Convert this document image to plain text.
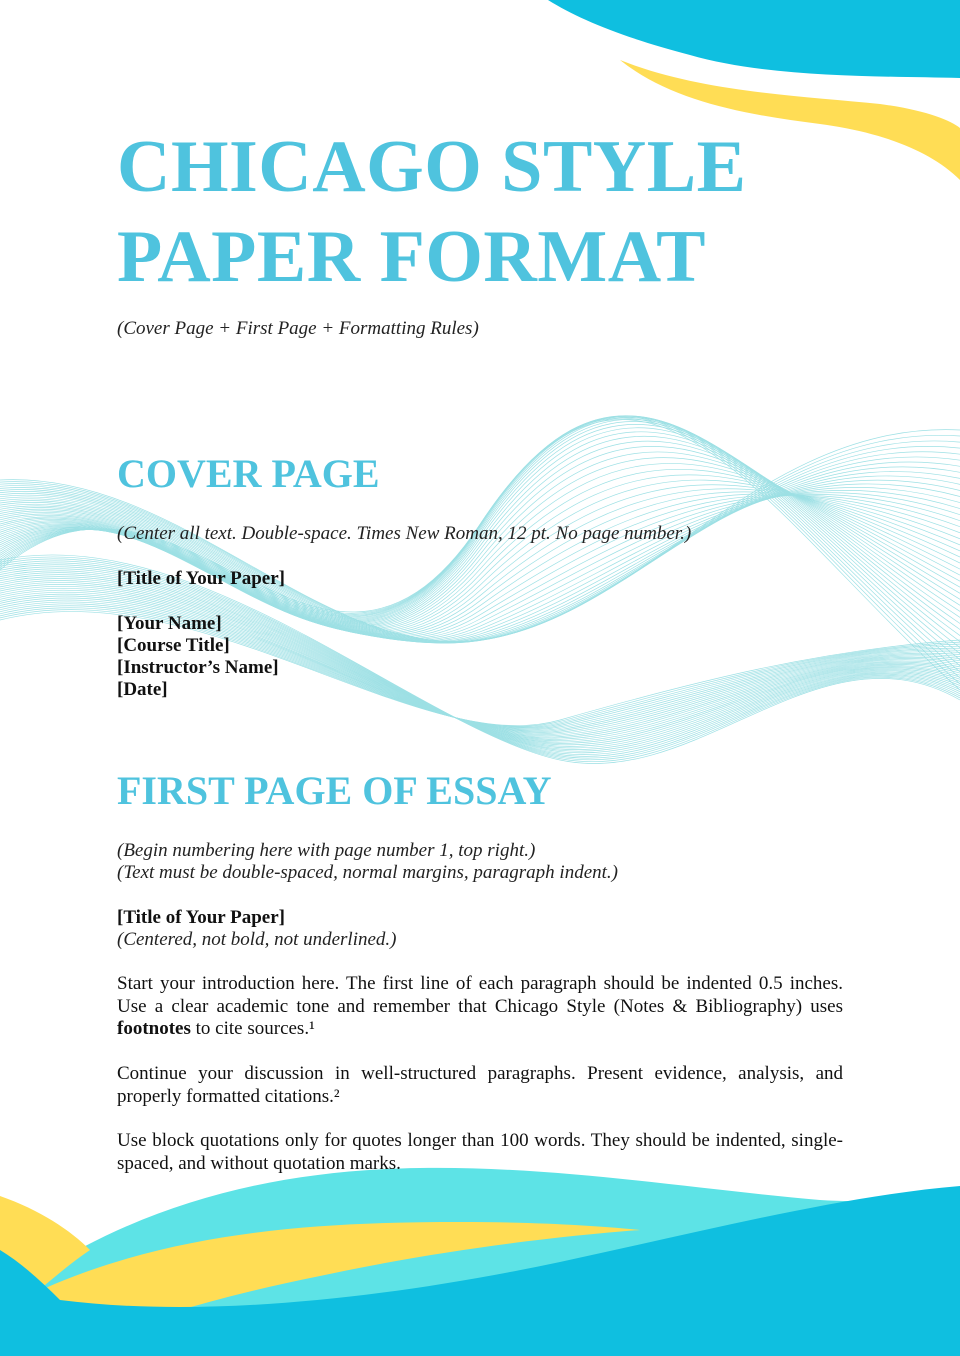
CHICAGO STYLE
PAPER FORMAT
(Cover Page + First Page + Formatting Rules)
COVER PAGE
(Center all text. Double-space. Times New Roman, 12 pt. No page number.)
[Title of Your Paper]
[Your Name]
[Course Title]
[Instructor’s Name]
[Date]
FIRST PAGE OF ESSAY
(Begin numbering here with page number 1, top right.)
(Text must be double-spaced, normal margins, paragraph indent.)
[Title of Your Paper]
(Centered, not bold, not underlined.)
Start your introduction here. The first line of each paragraph should be indented 0.5 inches. Use a clear academic tone and remember that Chicago Style (Notes & Bibliography) uses footnotes to cite sources.¹
Continue your discussion in well-structured paragraphs. Present evidence, analysis, and properly formatted citations.²
Use block quotations only for quotes longer than 100 words. They should be indented, single-spaced, and without quotation marks.
